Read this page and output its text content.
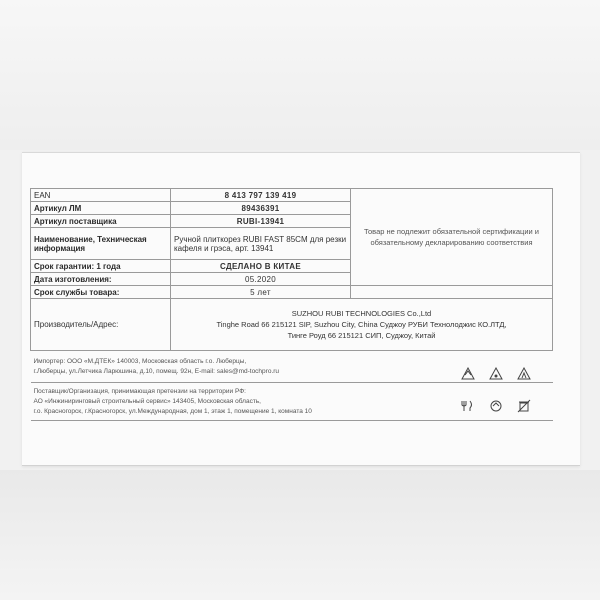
EAN	8 413 797 139 419	Товар не подлежит обязательной сертификации и обязательному декларированию соответствия
Артикул ЛМ	89436391	
Артикул поставщика	RUBI-13941	
Наименование, Техническая информация	Ручной плиткорез RUBI FAST 85CM для резки кафеля и грэса, арт. 13941	
Срок гарантии: 1 года	СДЕЛАНО В КИТАЕ	
Дата изготовления:	05.2020	
Срок службы товара:	5 лет	
Производитель/Адрес:	SUZHOU RUBI TECHNOLOGIES Co.,Ltd
Tinghe Road 66 215121 SIP, Suzhou City, China Суджоу РУБИ Технолоджис КО.ЛТД,
Тинге Роуд 66 215121 СИП, Суджоу, Китай	

Импортер: ООО «М.ДТЕК» 140003, Московская область г.о. Люберцы,
г.Люберцы, ул.Летчика Ларюшина, д.10, помещ. 92н, E-mail: sales@md-tochpro.ru		

Поставщик/Организация, принимающая претензии на территории РФ:
АО «Инжиниринговый строительный сервис» 143405, Московская область,
г.о. Красногорск, г.Красногорск, ул.Международная, дом 1, этаж 1, помещение 1, комната 10		
